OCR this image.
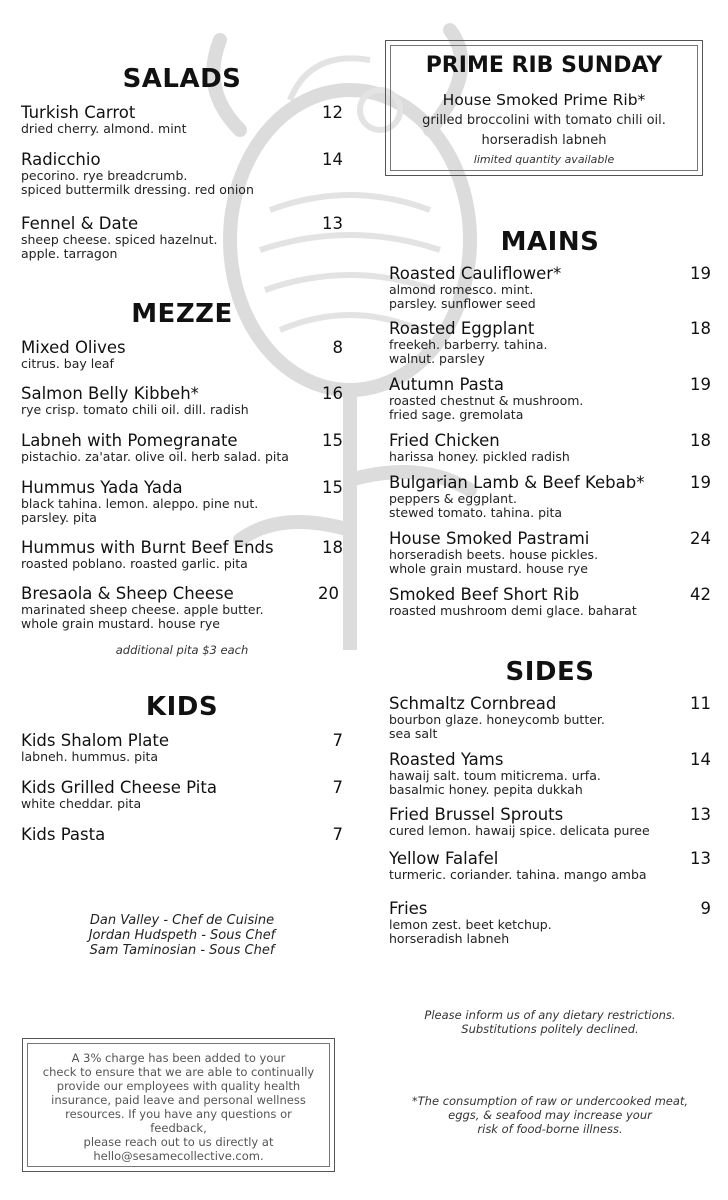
SALADS
Turkish Carrot	12
dried cherry. almond. mint
Radicchio	14
pecorino. rye breadcrumb.
spiced buttermilk dressing. red onion
Fennel & Date	13
sheep cheese. spiced hazelnut.
apple. tarragon
MEZZE
Mixed Olives	8
citrus. bay leaf
Salmon Belly Kibbeh*	16
rye crisp. tomato chili oil. dill. radish
Labneh with Pomegranate	15
pistachio. za'atar. olive oil. herb salad. pita
Hummus Yada Yada	15
black tahina. lemon. aleppo. pine nut.
parsley. pita
Hummus with Burnt Beef Ends	18
roasted poblano. roasted garlic. pita
Bresaola & Sheep Cheese	20
marinated sheep cheese. apple butter.
whole grain mustard. house rye
additional pita $3 each
KIDS
Kids Shalom Plate	7
labneh. hummus. pita
Kids Grilled Cheese Pita	7
white cheddar. pita
Kids Pasta	7
Dan Valley - Chef de Cuisine
Jordan Hudspeth - Sous Chef
Sam Taminosian - Sous Chef
A 3% charge has been added to your
check to ensure that we are able to continually
provide our employees with quality health
insurance, paid leave and personal wellness
resources. If you have any questions or feedback,
please reach out to us directly at
hello@sesamecollective.com.
PRIME RIB SUNDAY
House Smoked Prime Rib*
grilled broccolini with tomato chili oil.
horseradish labneh
limited quantity available
MAINS
Roasted Cauliflower*	19
almond romesco. mint.
parsley. sunflower seed
Roasted Eggplant	18
freekeh. barberry. tahina.
walnut. parsley
Autumn Pasta	19
roasted chestnut & mushroom.
fried sage. gremolata
Fried Chicken	18
harissa honey. pickled radish
Bulgarian Lamb & Beef Kebab*	19
peppers & eggplant.
stewed tomato. tahina. pita
House Smoked Pastrami	24
horseradish beets. house pickles.
whole grain mustard. house rye
Smoked Beef Short Rib	42
roasted mushroom demi glace. baharat
SIDES
Schmaltz Cornbread	11
bourbon glaze. honeycomb butter.
sea salt
Roasted Yams	14
hawaij salt. toum miticrema. urfa.
basalmic honey. pepita dukkah
Fried Brussel Sprouts	13
cured lemon. hawaij spice. delicata puree
Yellow Falafel	13
turmeric. coriander. tahina. mango amba
Fries	9
lemon zest. beet ketchup.
horseradish labneh
Please inform us of any dietary restrictions.
Substitutions politely declined.
*The consumption of raw or undercooked meat,
eggs, & seafood may increase your
risk of food-borne illness.
